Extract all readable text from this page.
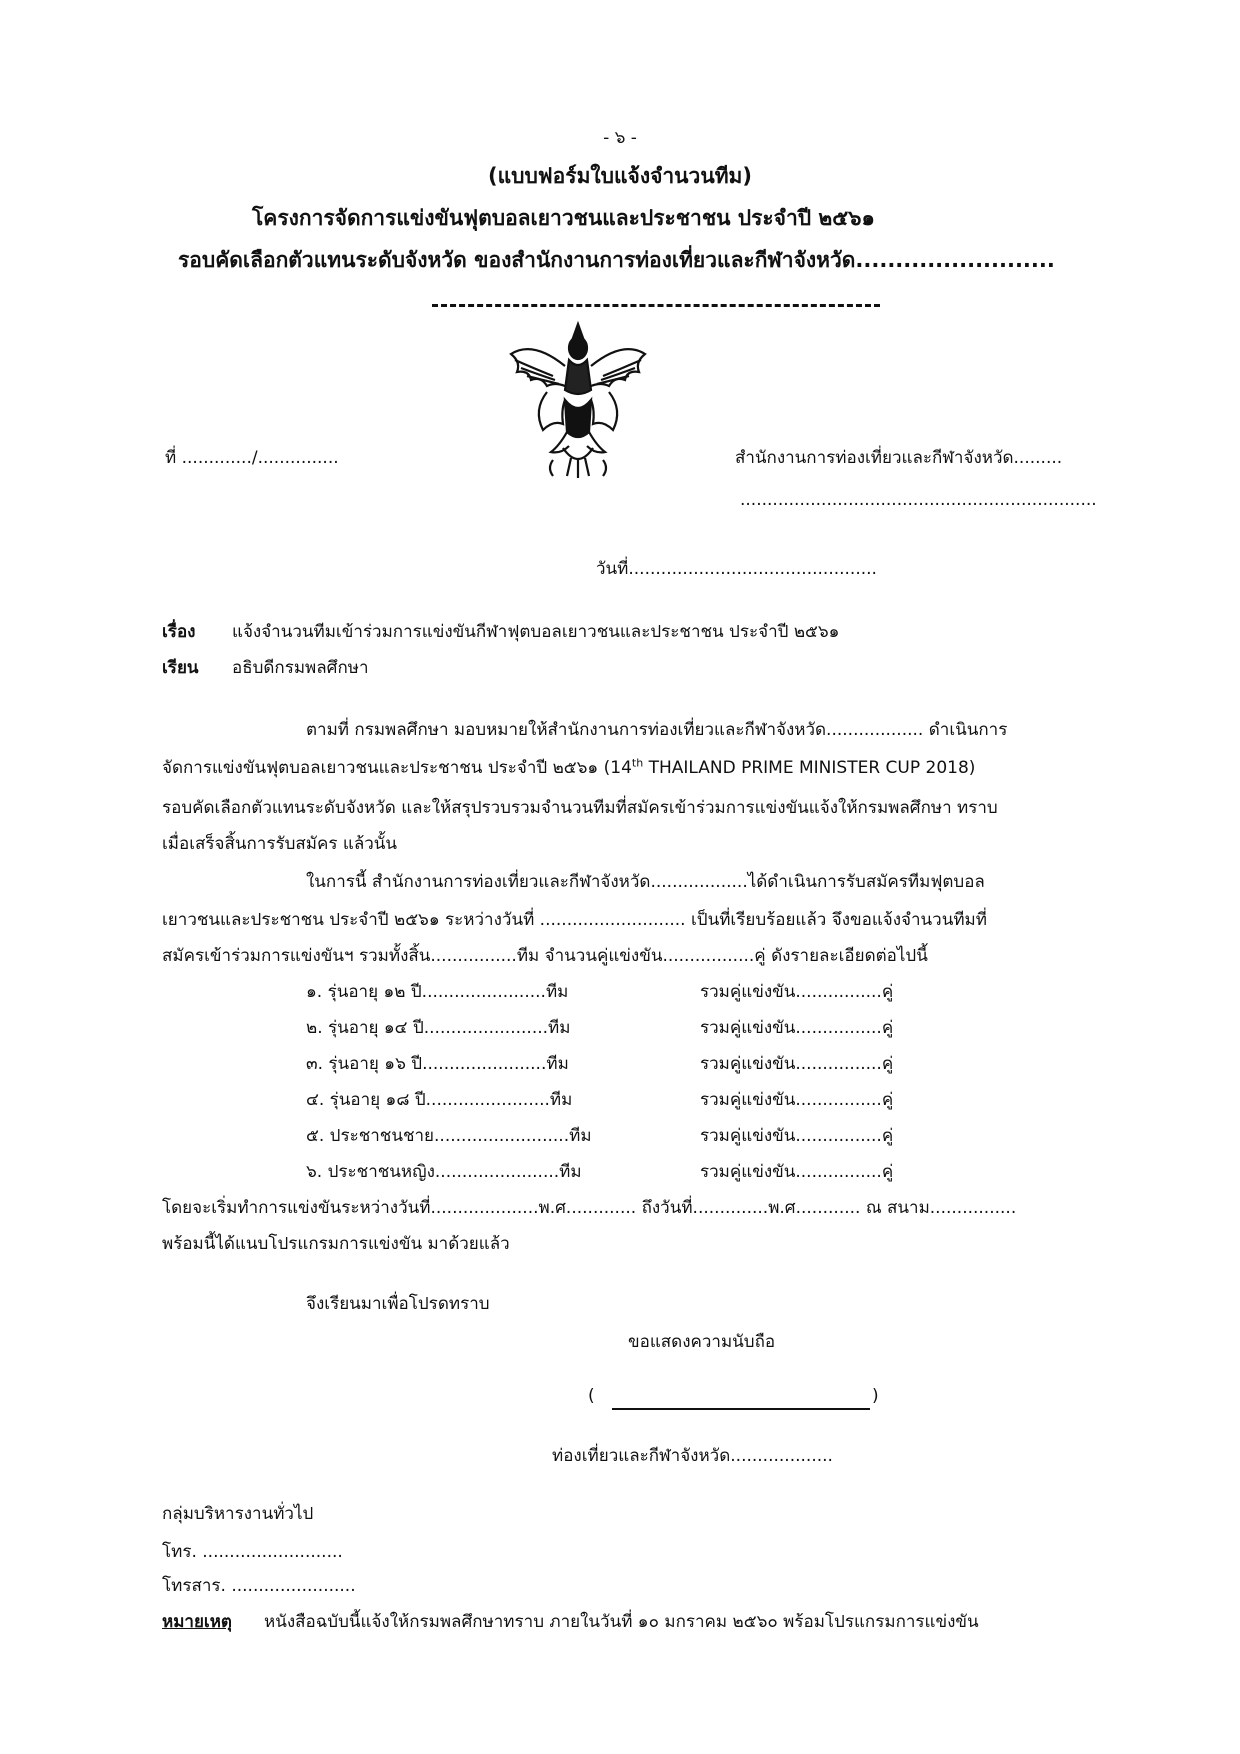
- ๖ -
(แบบฟอร์มใบแจ้งจำนวนทีม)
โครงการจัดการแข่งขันฟุตบอลเยาวชนและประชาชน ประจำปี ๒๕๖๑
รอบคัดเลือกตัวแทนระดับจังหวัด ของสำนักงานการท่องเที่ยวและกีฬาจังหวัด.........................
ที่ ............./...............	สำนักงานการท่องเที่ยวและกีฬาจังหวัด.........
..................................................................
วันที่..............................................
เรื่อง แจ้งจำนวนทีมเข้าร่วมการแข่งขันกีฬาฟุตบอลเยาวชนและประชาชน ประจำปี ๒๕๖๑
เรียน อธิบดีกรมพลศึกษา
ตามที่ กรมพลศึกษา มอบหมายให้สำนักงานการท่องเที่ยวและกีฬาจังหวัด.................. ดำเนินการ
จัดการแข่งขันฟุตบอลเยาวชนและประชาชน ประจำปี ๒๕๖๑ (14th THAILAND PRIME MINISTER CUP 2018)
รอบคัดเลือกตัวแทนระดับจังหวัด และให้สรุปรวบรวมจำนวนทีมที่สมัครเข้าร่วมการแข่งขันแจ้งให้กรมพลศึกษา ทราบ
เมื่อเสร็จสิ้นการรับสมัคร แล้วนั้น
ในการนี้ สำนักงานการท่องเที่ยวและกีฬาจังหวัด..................ได้ดำเนินการรับสมัครทีมฟุตบอล
เยาวชนและประชาชน ประจำปี ๒๕๖๑ ระหว่างวันที่ ........................... เป็นที่เรียบร้อยแล้ว จึงขอแจ้งจำนวนทีมที่
สมัครเข้าร่วมการแข่งขันฯ รวมทั้งสิ้น................ทีม จำนวนคู่แข่งขัน.................คู่ ดังรายละเอียดต่อไปนี้
๑. รุ่นอายุ ๑๒ ปี.......................ทีม	รวมคู่แข่งขัน................คู่
๒. รุ่นอายุ ๑๔ ปี.......................ทีม	รวมคู่แข่งขัน................คู่
๓. รุ่นอายุ ๑๖ ปี.......................ทีม	รวมคู่แข่งขัน................คู่
๔. รุ่นอายุ ๑๘ ปี.......................ทีม	รวมคู่แข่งขัน................คู่
๕. ประชาชนชาย.........................ทีม	รวมคู่แข่งขัน................คู่
๖. ประชาชนหญิง.......................ทีม	รวมคู่แข่งขัน................คู่
โดยจะเริ่มทำการแข่งขันระหว่างวันที่....................พ.ศ............. ถึงวันที่..............พ.ศ............ ณ สนาม................
พร้อมนี้ได้แนบโปรแกรมการแข่งขัน มาด้วยแล้ว
จึงเรียนมาเพื่อโปรดทราบ
ขอแสดงความนับถือ
(	)
ท่องเที่ยวและกีฬาจังหวัด...................
กลุ่มบริหารงานทั่วไป
โทร. ..........................
โทรสาร. .......................
หมายเหตุ หนังสือฉบับนี้แจ้งให้กรมพลศึกษาทราบ ภายในวันที่ ๑๐ มกราคม ๒๕๖๐ พร้อมโปรแกรมการแข่งขัน
